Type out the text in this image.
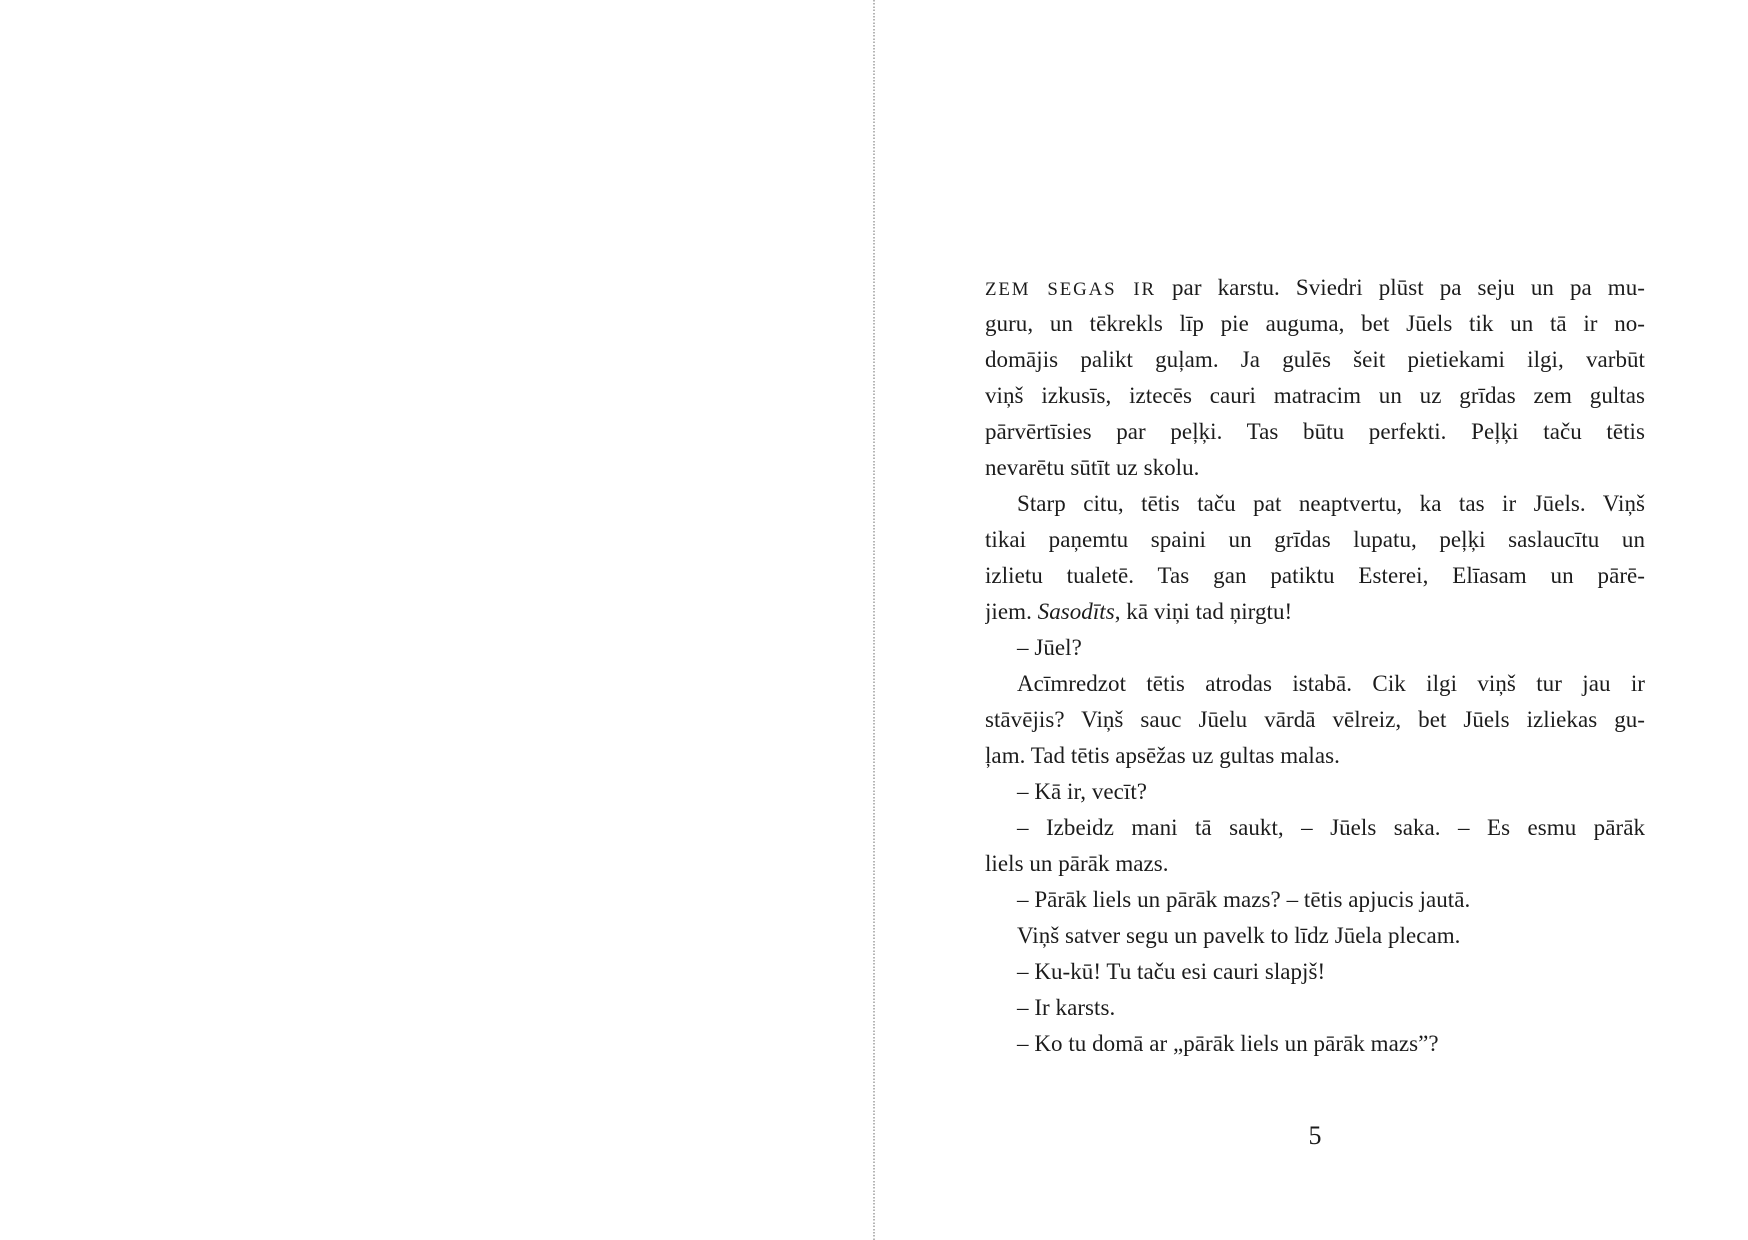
ZEM SEGAS IR par karstu. Sviedri plūst pa seju un pa mu-
guru, un tēkrekls līp pie auguma, bet Jūels tik un tā ir no-
domājis palikt guļam. Ja gulēs šeit pietiekami ilgi, varbūt
viņš izkusīs, iztecēs cauri matracim un uz grīdas zem gultas
pārvērtīsies par peļķi. Tas būtu perfekti. Peļķi taču tētis
nevarētu sūtīt uz skolu.
Starp citu, tētis taču pat neaptvertu, ka tas ir Jūels. Viņš
tikai paņemtu spaini un grīdas lupatu, peļķi saslaucītu un
izlietu tualetē. Tas gan patiktu Esterei, Elīasam un pārē-
jiem. Sasodīts, kā viņi tad ņirgtu!
– Jūel?
Acīmredzot tētis atrodas istabā. Cik ilgi viņš tur jau ir
stāvējis? Viņš sauc Jūelu vārdā vēlreiz, bet Jūels izliekas gu-
ļam. Tad tētis apsēžas uz gultas malas.
– Kā ir, vecīt?
– Izbeidz mani tā saukt, – Jūels saka. – Es esmu pārāk
liels un pārāk mazs.
– Pārāk liels un pārāk mazs? – tētis apjucis jautā.
Viņš satver segu un pavelk to līdz Jūela plecam.
– Ku-kū! Tu taču esi cauri slapjš!
– Ir karsts.
– Ko tu domā ar „pārāk liels un pārāk mazs”?
5
